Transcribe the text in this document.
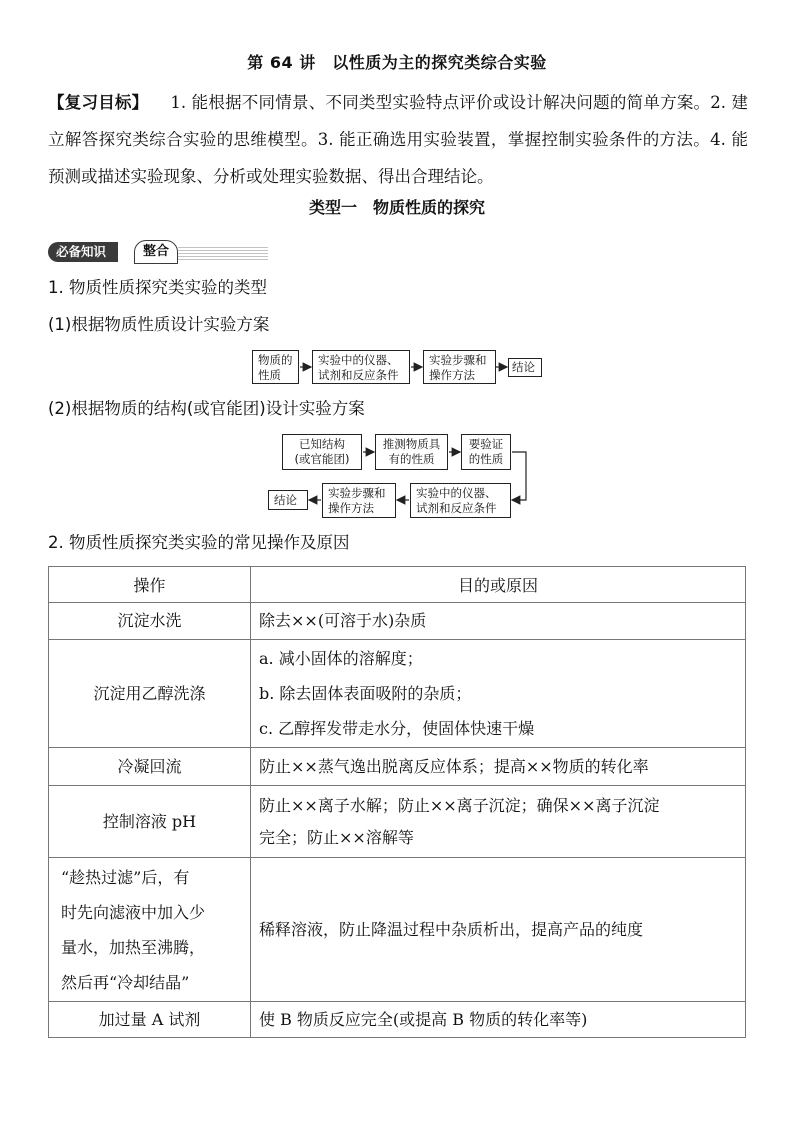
第 64 讲　以性质为主的探究类综合实验
【复习目标】 1. 能根据不同情景、不同类型实验特点评价或设计解决问题的简单方案。2. 建立解答探究类综合实验的思维模型。3. 能正确选用实验装置，掌握控制实验条件的方法。4. 能预测或描述实验现象、分析或处理实验数据、得出合理结论。
类型一　物质性质的探究
必备知识	整合
1. 物质性质探究类实验的类型
(1)根据物质性质设计实验方案
物质的
性质
实验中的仪器、
试剂和反应条件
实验步骤和
操作方法
结论
(2)根据物质的结构(或官能团)设计实验方案
已知结构
(或官能团)
推测物质具
有的性质
要验证
的性质
结论	实验步骤和
操作方法
实验中的仪器、
试剂和反应条件
2. 物质性质探究类实验的常见操作及原因
操作	目的或原因

沉淀水洗	除去××(可溶于水)杂质

沉淀用乙醇洗涤	a. 减小固体的溶解度；
b. 除去固体表面吸附的杂质；
c. 乙醇挥发带走水分，使固体快速干燥

冷凝回流	防止××蒸气逸出脱离反应体系；提高××物质的转化率

控制溶液 pH	防止××离子水解；防止××离子沉淀；确保××离子沉淀
完全；防止××溶解等

“趁热过滤”后，有
时先向滤液中加入少
量水，加热至沸腾，
然后再“冷却结晶”	稀释溶液，防止降温过程中杂质析出，提高产品的纯度

加过量 A 试剂	使 B 物质反应完全(或提高 B 物质的转化率等)
